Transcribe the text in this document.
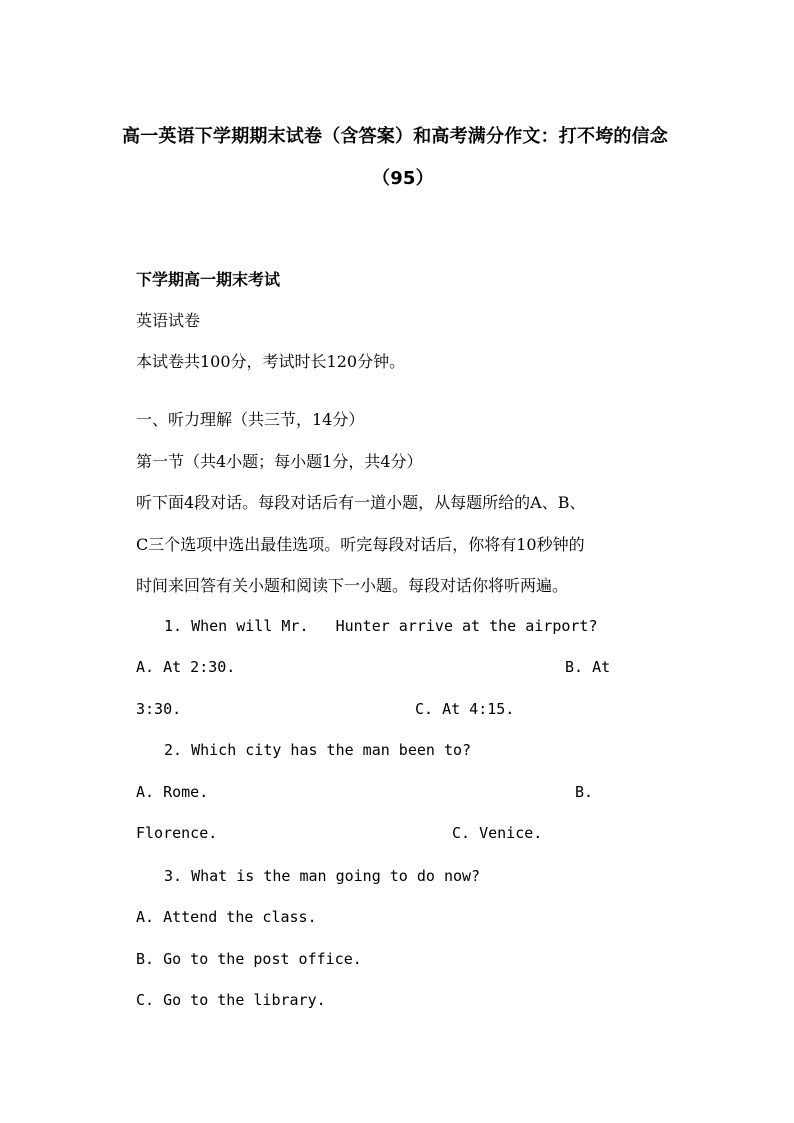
高一英语下学期期末试卷（含答案）和高考满分作文：打不垮的信念
（95）
下学期高一期末考试
英语试卷
本试卷共100分，考试时长120分钟。
一、听力理解（共三节，14分）
第一节（共4小题；每小题1分，共4分）
听下面4段对话。每段对话后有一道小题，从每题所给的A、B、
C三个选项中选出最佳选项。听完每段对话后，你将有10秒钟的
时间来回答有关小题和阅读下一小题。每段对话你将听两遍。
1. When will Mr.   Hunter arrive at the airport?
A. At 2:30.	B. At
3:30.	C. At 4:15.
2. Which city has the man been to?
A. Rome.	B.
Florence.	C. Venice.
3. What is the man going to do now?
A. Attend the class.
B. Go to the post office.
C. Go to the library.
